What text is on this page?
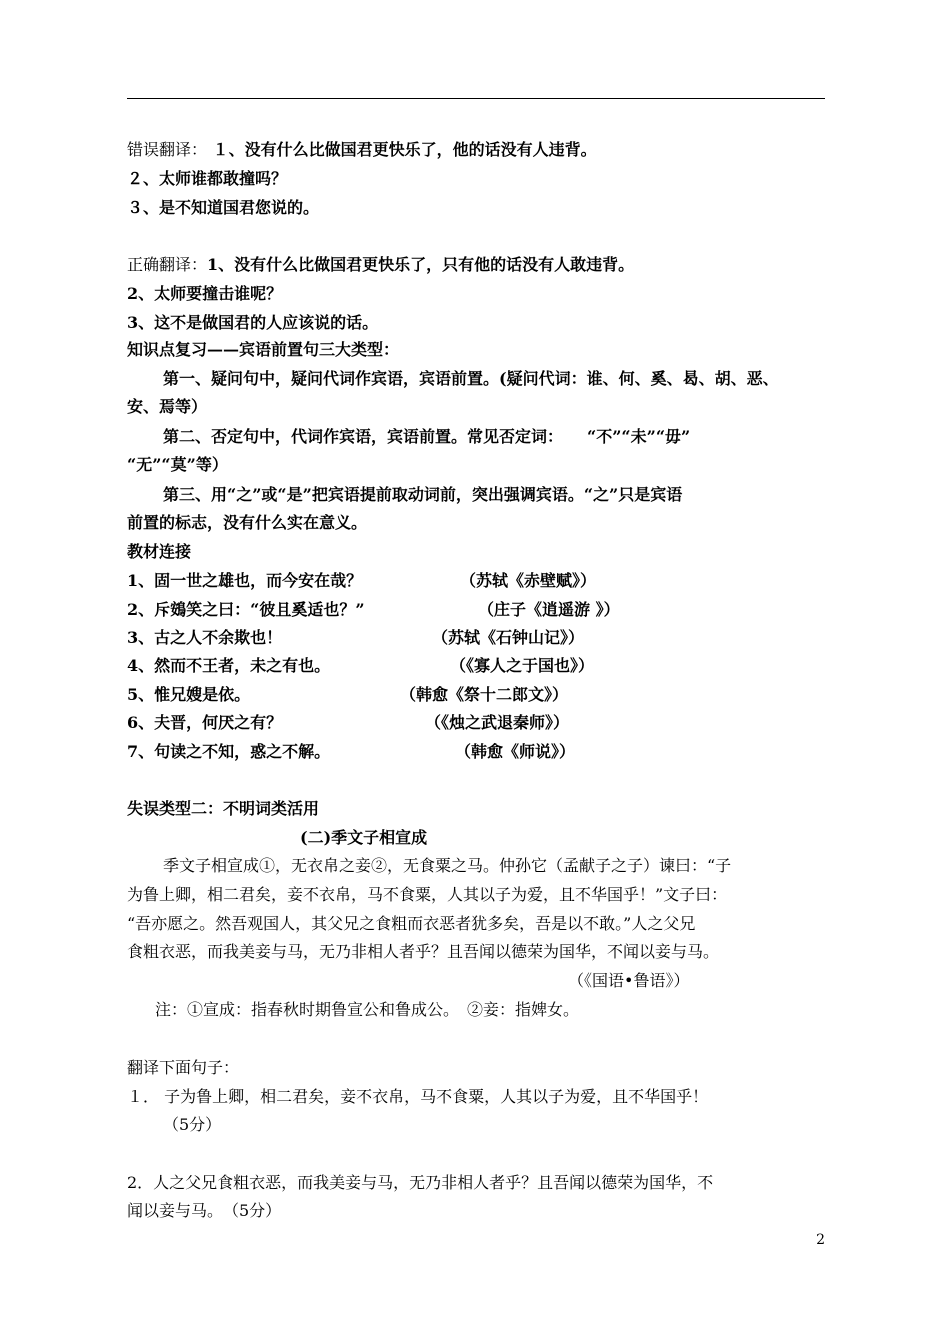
错误翻译： １、没有什么比做国君更快乐了，他的话没有人违背。
２、太师谁都敢撞吗？
３、是不知道国君您说的。
正确翻译：1、没有什么比做国君更快乐了，只有他的话没有人敢违背。
2、太师要撞击谁呢？
3、这不是做国君的人应该说的话。
知识点复习——宾语前置句三大类型：
第一、疑问句中，疑问代词作宾语，宾语前置。(疑问代词：谁、何、奚、曷、胡、恶、
安、焉等）
第二、否定句中，代词作宾语，宾语前置。常见否定词：　　“不”“未”“毋”
“无”“莫”等）
第三、用“之”或“是”把宾语提前取动词前，突出强调宾语。“之”只是宾语
前置的标志，没有什么实在意义。
教材连接
1、固一世之雄也，而今安在哉？	（苏轼《赤壁赋》）
2、斥鴳笑之曰：“彼且奚适也？”	（庄子《逍遥游 》）
3、古之人不余欺也！	（苏轼《石钟山记》）
4、然而不王者，未之有也。	（《寡人之于国也》）
5、惟兄嫂是依。	（韩愈《祭十二郎文》）
6、夫晋，何厌之有？	（《烛之武退秦师》）
7、句读之不知，惑之不解。	（韩愈《师说》）
失误类型二：不明词类活用
(二)季文子相宣成
季文子相宣成①，无衣帛之妾②，无食粟之马。仲孙它（孟献子之子）谏曰：“子
为鲁上卿，相二君矣，妾不衣帛，马不食粟，人其以子为爱，且不华国乎！”文子曰：
“吾亦愿之。然吾观国人，其父兄之食粗而衣恶者犹多矣，吾是以不敢。”人之父兄
食粗衣恶，而我美妾与马，无乃非相人者乎？且吾闻以德荣为国华，不闻以妾与马。
（《国语•鲁语》）
注：①宣成：指春秋时期鲁宣公和鲁成公。　②妾：指婢女。
翻译下面句子：
１． 子为鲁上卿，相二君矣，妾不衣帛，马不食粟，人其以子为爱，且不华国乎！
（5分）
2．人之父兄食粗衣恶，而我美妾与马，无乃非相人者乎？且吾闻以德荣为国华，不
闻以妾与马。　（5分）
2
